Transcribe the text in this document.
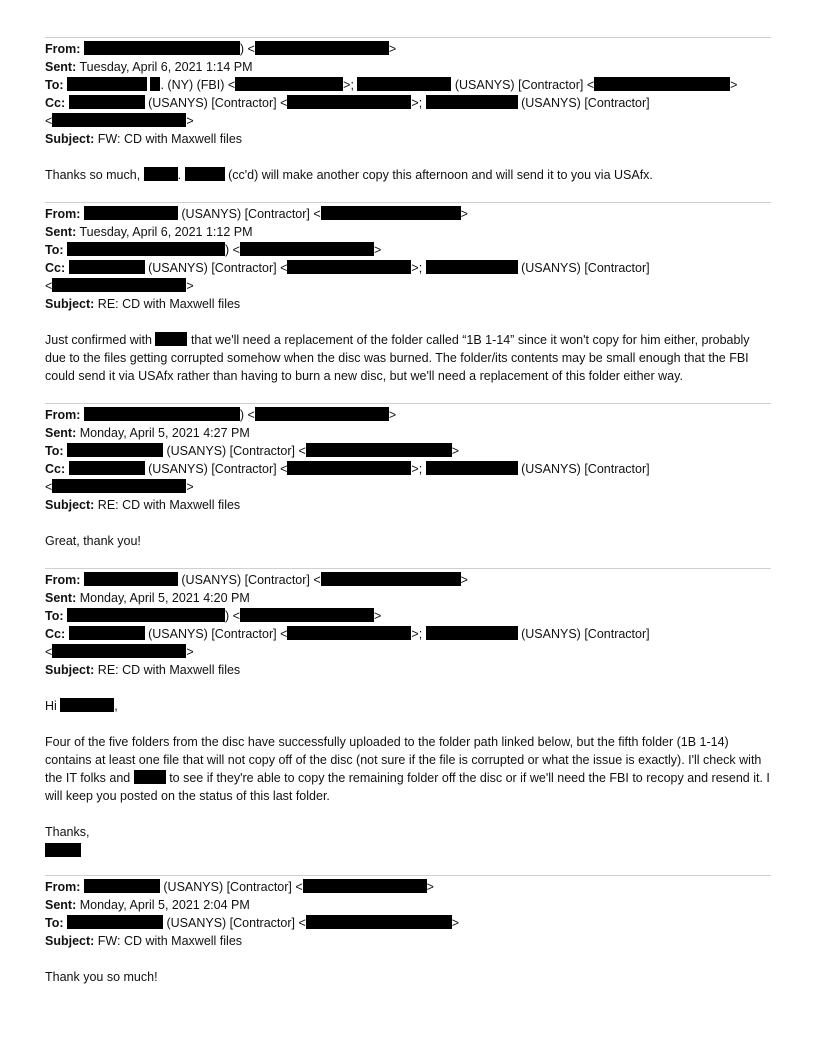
From:	) <	>
Sent: Tuesday, April 6, 2021 1:14 PM
To:	. (NY) (FBI) <	>;	(USANYS) [Contractor] <	>
Cc:	(USANYS) [Contractor] <	>;	(USANYS) [Contractor]
<	>
Subject: FW: CD with Maxwell files

Thanks so much,	.	(cc'd) will make another copy this afternoon and will send it to you via USAfx.

From:	(USANYS) [Contractor] <	>
Sent: Tuesday, April 6, 2021 1:12 PM
To:	) <	>
Cc:	(USANYS) [Contractor] <	>;	(USANYS) [Contractor]
<	>
Subject: RE: CD with Maxwell files

Just confirmed with	that we'll need a replacement of the folder called “1B 1-14” since it won't copy for him either, probably due to the files getting corrupted somehow when the disc was burned. The folder/its contents may be small enough that the FBI could send it via USAfx rather than having to burn a new disc, but we'll need a replacement of this folder either way.

From:	) <	>
Sent: Monday, April 5, 2021 4:27 PM
To:	(USANYS) [Contractor] <	>
Cc:	(USANYS) [Contractor] <	>;	(USANYS) [Contractor]
<	>
Subject: RE: CD with Maxwell files

Great, thank you!

From:	(USANYS) [Contractor] <	>
Sent: Monday, April 5, 2021 4:20 PM
To:	) <	>
Cc:	(USANYS) [Contractor] <	>;	(USANYS) [Contractor]
<	>
Subject: RE: CD with Maxwell files

Hi	,

Four of the five folders from the disc have successfully uploaded to the folder path linked below, but the fifth folder (1B 1-14) contains at least one file that will not copy off of the disc (not sure if the file is corrupted or what the issue is exactly). I'll check with the IT folks and	to see if they're able to copy the remaining folder off the disc or if we'll need the FBI to recopy and resend it. I will keep you posted on the status of this last folder.

Thanks,

From:	(USANYS) [Contractor] <	>
Sent: Monday, April 5, 2021 2:04 PM
To:	(USANYS) [Contractor] <	>
Subject: FW: CD with Maxwell files

Thank you so much!
